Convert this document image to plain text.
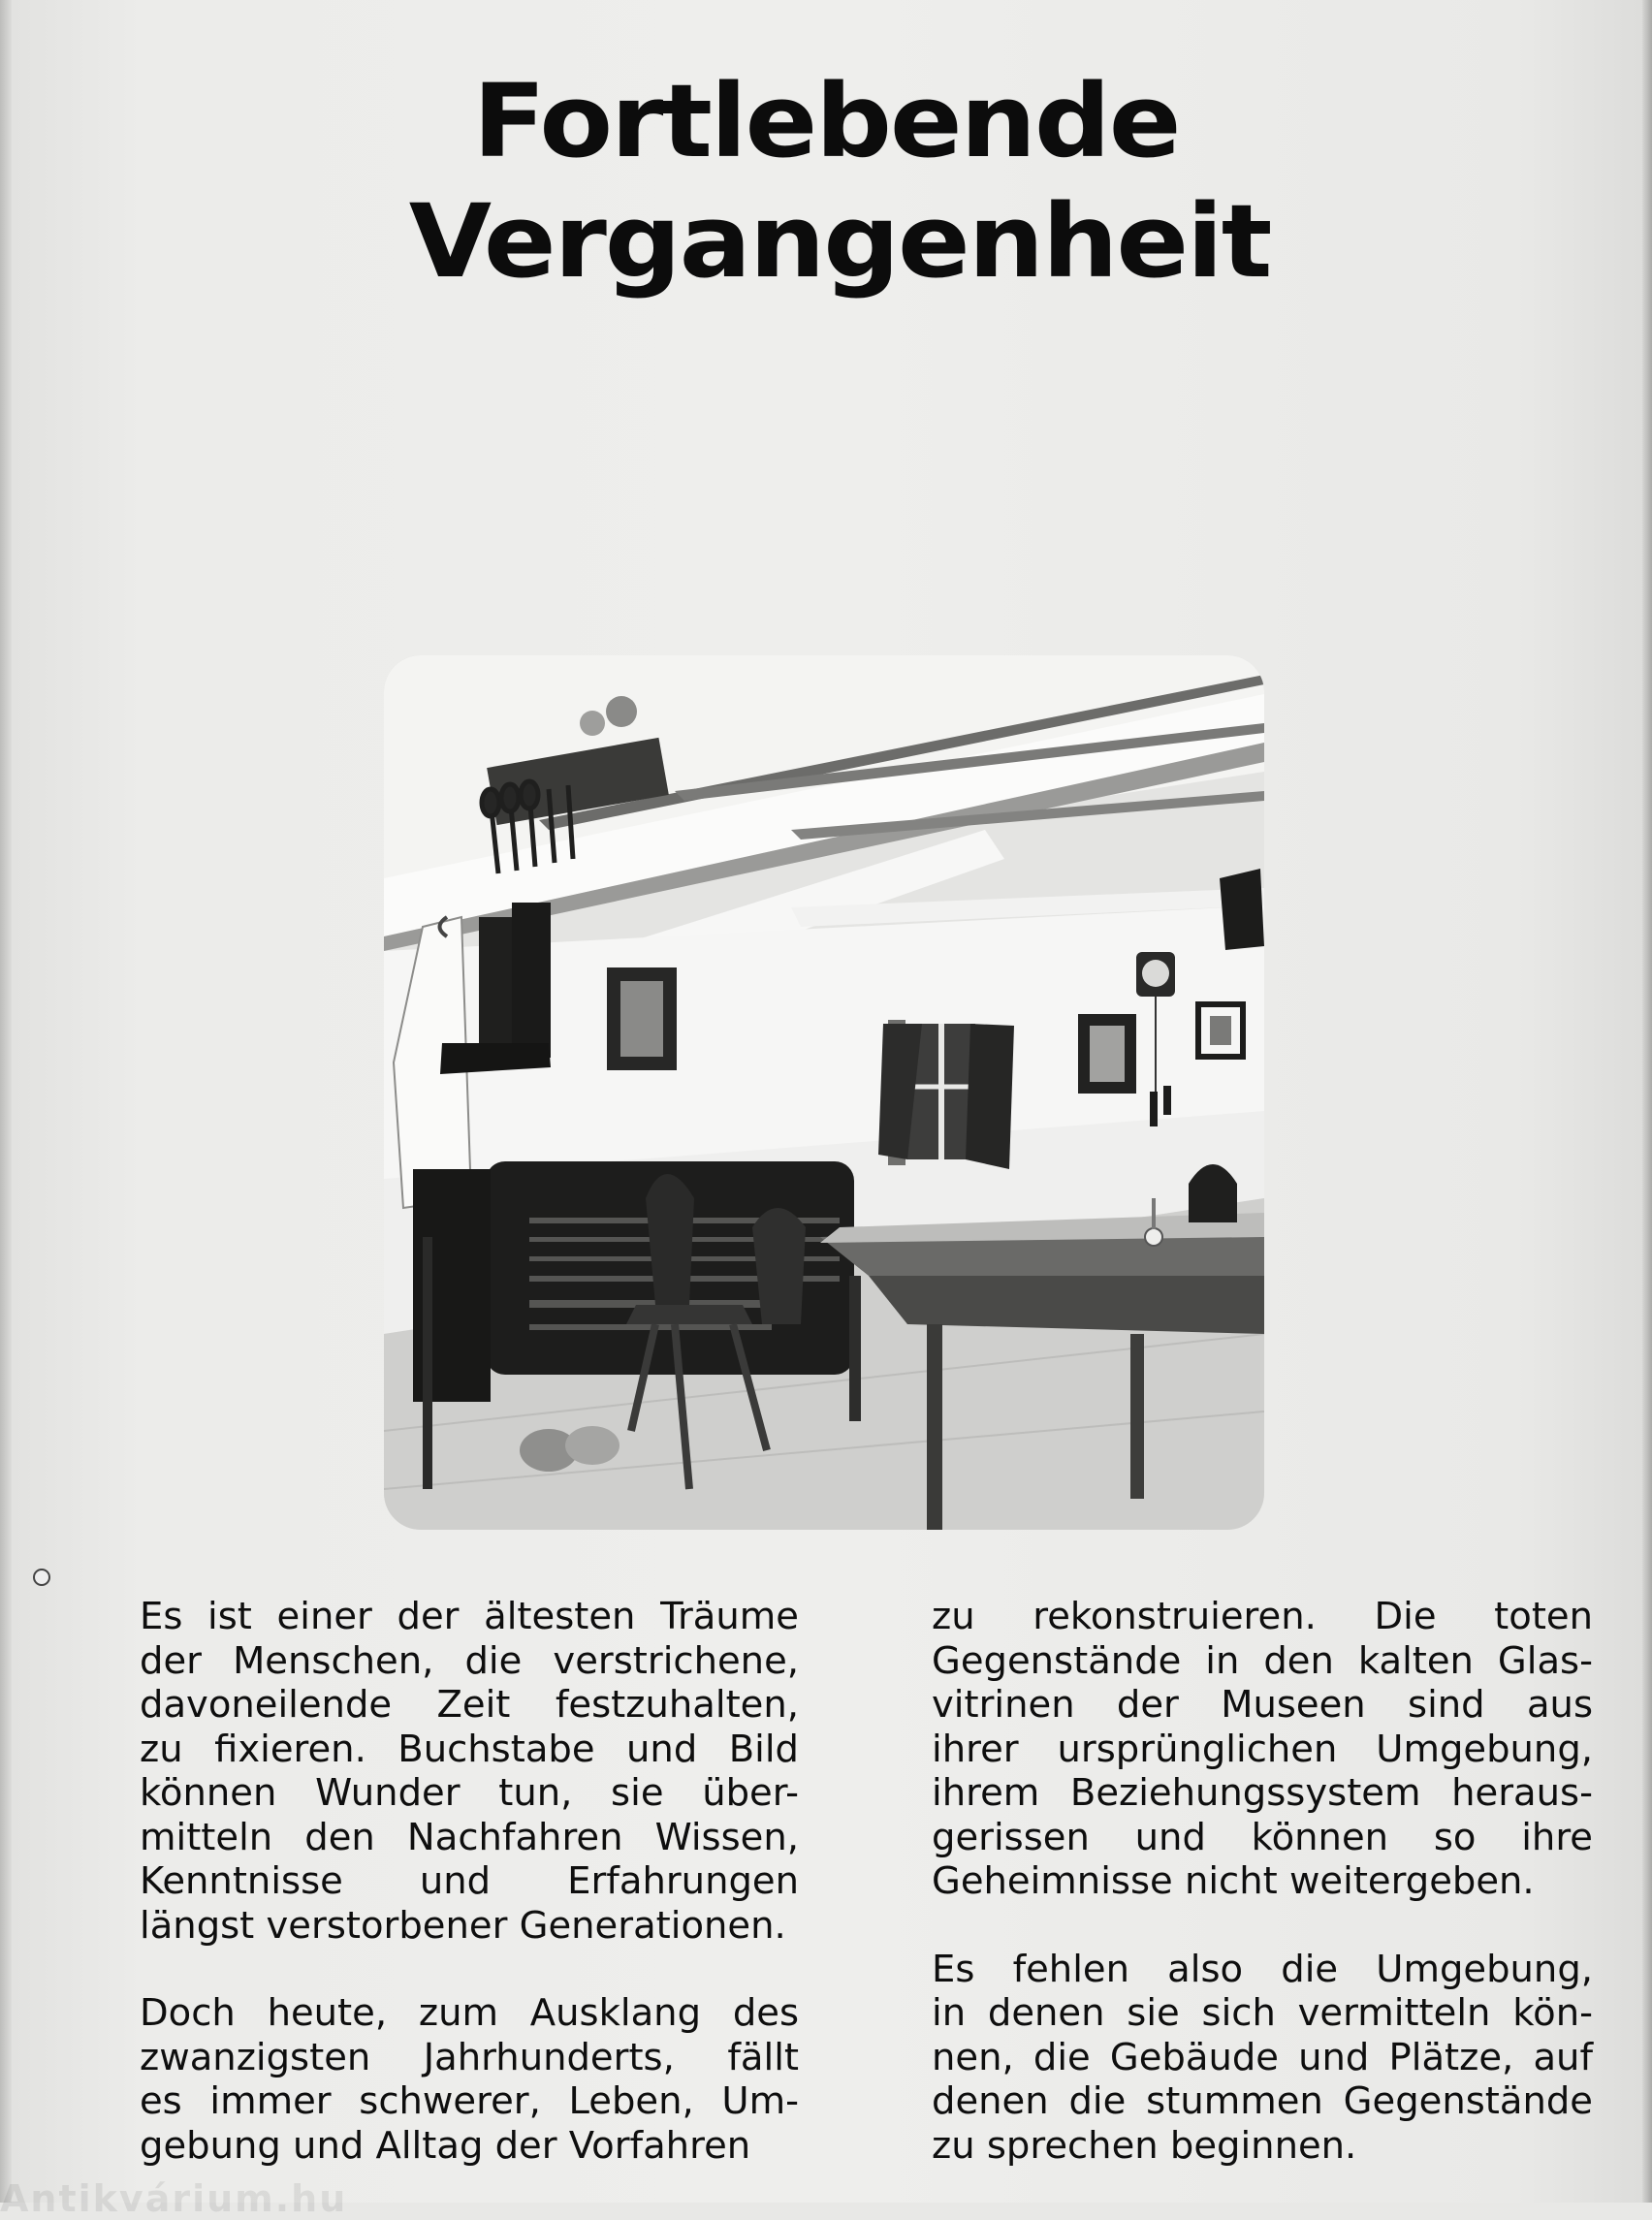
Fortlebende
Vergangenheit

Es ist einer der ältesten Träume
der Menschen, die verstrichene,
davoneilende Zeit festzuhalten,
zu fixieren. Buchstabe und Bild
können Wunder tun, sie über-
mitteln den Nachfahren Wissen,
Kenntnisse und Erfahrungen
längst verstorbener Generationen.

Doch heute, zum Ausklang des
zwanzigsten Jahrhunderts, fällt
es immer schwerer, Leben, Um-
gebung und Alltag der Vorfahren

zu rekonstruieren. Die toten
Gegenstände in den kalten Glas-
vitrinen der Museen sind aus
ihrer ursprünglichen Umgebung,
ihrem Beziehungssystem heraus-
gerissen und können so ihre
Geheimnisse nicht weitergeben.

Es fehlen also die Umgebung,
in denen sie sich vermitteln kön-
nen, die Gebäude und Plätze, auf
denen die stummen Gegenstände
zu sprechen beginnen.

Antikvárium.hu
